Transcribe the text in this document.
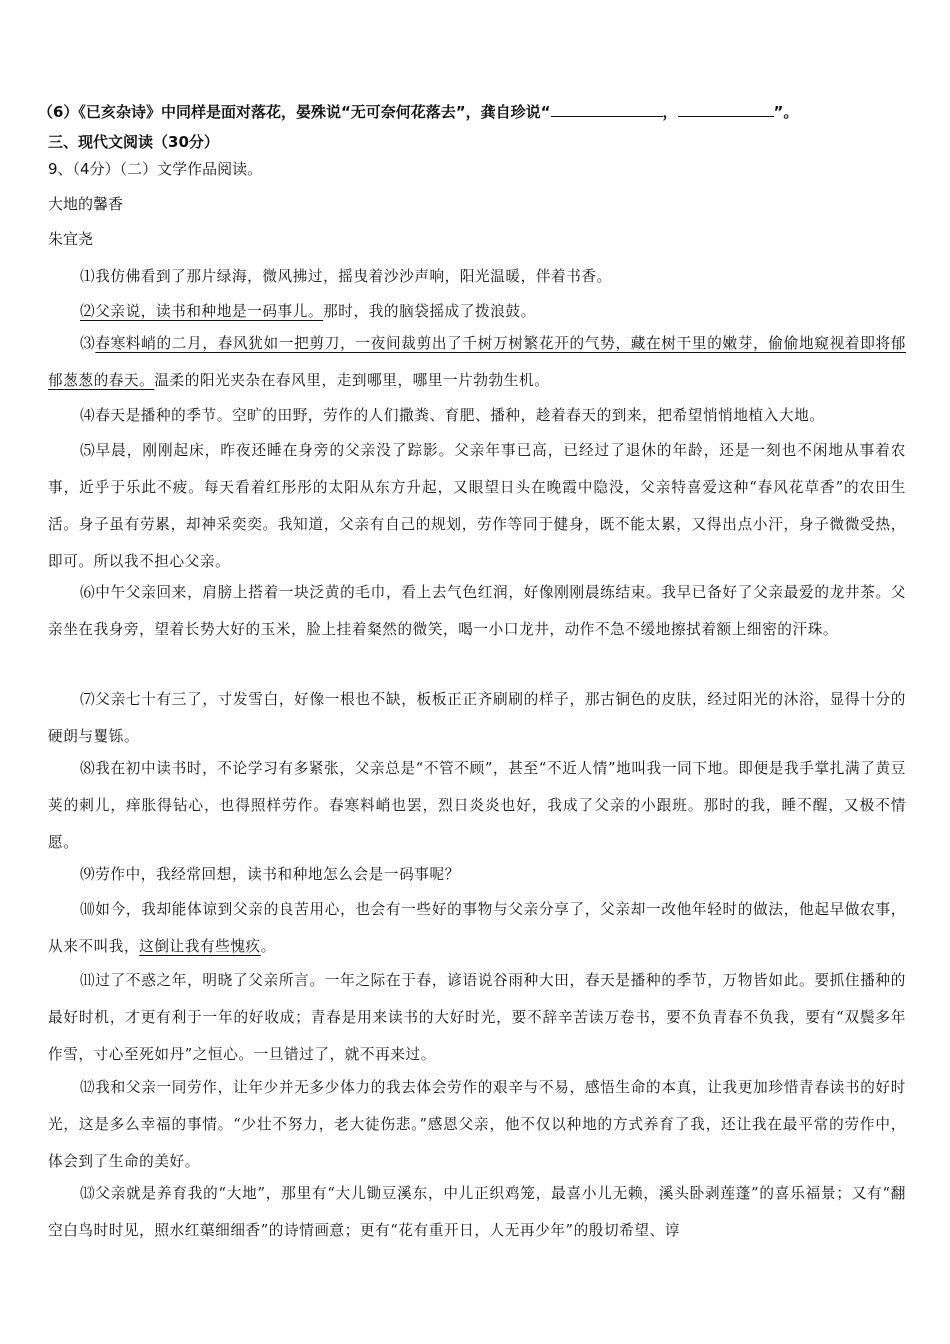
（6）《已亥杂诗》中同样是面对落花，晏殊说“无可奈何花落去”，龚自珍说“	，	”。
三、现代文阅读（30分）
9、（4分）（二）文学作品阅读。
大地的馨香
朱宜尧
⑴我仿佛看到了那片绿海，微风拂过，摇曳着沙沙声响，阳光温暖，伴着书香。
⑵父亲说，读书和种地是一码事儿。那时，我的脑袋摇成了拨浪鼓。
⑶春寒料峭的二月，春风犹如一把剪刀，一夜间裁剪出了千树万树繁花开的气势，藏在树干里的嫩芽，偷偷地窥视着即将郁郁葱葱的春天。温柔的阳光夹杂在春风里，走到哪里，哪里一片勃勃生机。
⑷春天是播种的季节。空旷的田野，劳作的人们撒粪、育肥、播种，趁着春天的到来，把希望悄悄地植入大地。
⑸早晨，刚刚起床，昨夜还睡在身旁的父亲没了踪影。父亲年事已高，已经过了退休的年龄，还是一刻也不闲地从事着农事，近乎于乐此不疲。每天看着红彤彤的太阳从东方升起，又眼望日头在晚霞中隐没，父亲特喜爱这种“春风花草香”的农田生活。身子虽有劳累，却神采奕奕。我知道，父亲有自己的规划，劳作等同于健身，既不能太累，又得出点小汗，身子微微受热，即可。所以我不担心父亲。
⑹中午父亲回来，肩膀上搭着一块泛黄的毛巾，看上去气色红润，好像刚刚晨练结束。我早已备好了父亲最爱的龙井茶。父亲坐在我身旁，望着长势大好的玉米，脸上挂着粲然的微笑，喝一小口龙井，动作不急不缓地擦拭着额上细密的汗珠。
⑺父亲七十有三了，寸发雪白，好像一根也不缺，板板正正齐刷刷的样子，那古铜色的皮肤，经过阳光的沐浴，显得十分的硬朗与矍铄。
⑻我在初中读书时，不论学习有多紧张，父亲总是“不管不顾”，甚至“不近人情”地叫我一同下地。即便是我手掌扎满了黄豆荚的刺儿，痒胀得钻心，也得照样劳作。春寒料峭也罢，烈日炎炎也好，我成了父亲的小跟班。那时的我，睡不醒，又极不情愿。
⑼劳作中，我经常回想，读书和种地怎么会是一码事呢？
⑽如今，我却能体谅到父亲的良苦用心，也会有一些好的事物与父亲分享了，父亲却一改他年轻时的做法，他起早做农事，从来不叫我，这倒让我有些愧疚。
⑾过了不惑之年，明晓了父亲所言。一年之际在于春，谚语说谷雨种大田，春天是播种的季节，万物皆如此。要抓住播种的最好时机，才更有利于一年的好收成；青春是用来读书的大好时光，要不辞辛苦读万卷书，要不负青春不负我，要有“双鬓多年作雪，寸心至死如丹”之恒心。一旦错过了，就不再来过。
⑿我和父亲一同劳作，让年少并无多少体力的我去体会劳作的艰辛与不易，感悟生命的本真，让我更加珍惜青春读书的好时光，这是多么幸福的事情。“少壮不努力，老大徒伤悲。”感恩父亲，他不仅以种地的方式养育了我，还让我在最平常的劳作中，体会到了生命的美好。
⒀父亲就是养育我的“大地”，那里有“大儿锄豆溪东，中儿正织鸡笼，最喜小儿无赖，溪头卧剥莲蓬”的喜乐福景；又有“翻空白鸟时时见，照水红蕖细细香”的诗情画意；更有“花有重开日，人无再少年”的殷切希望、谆
